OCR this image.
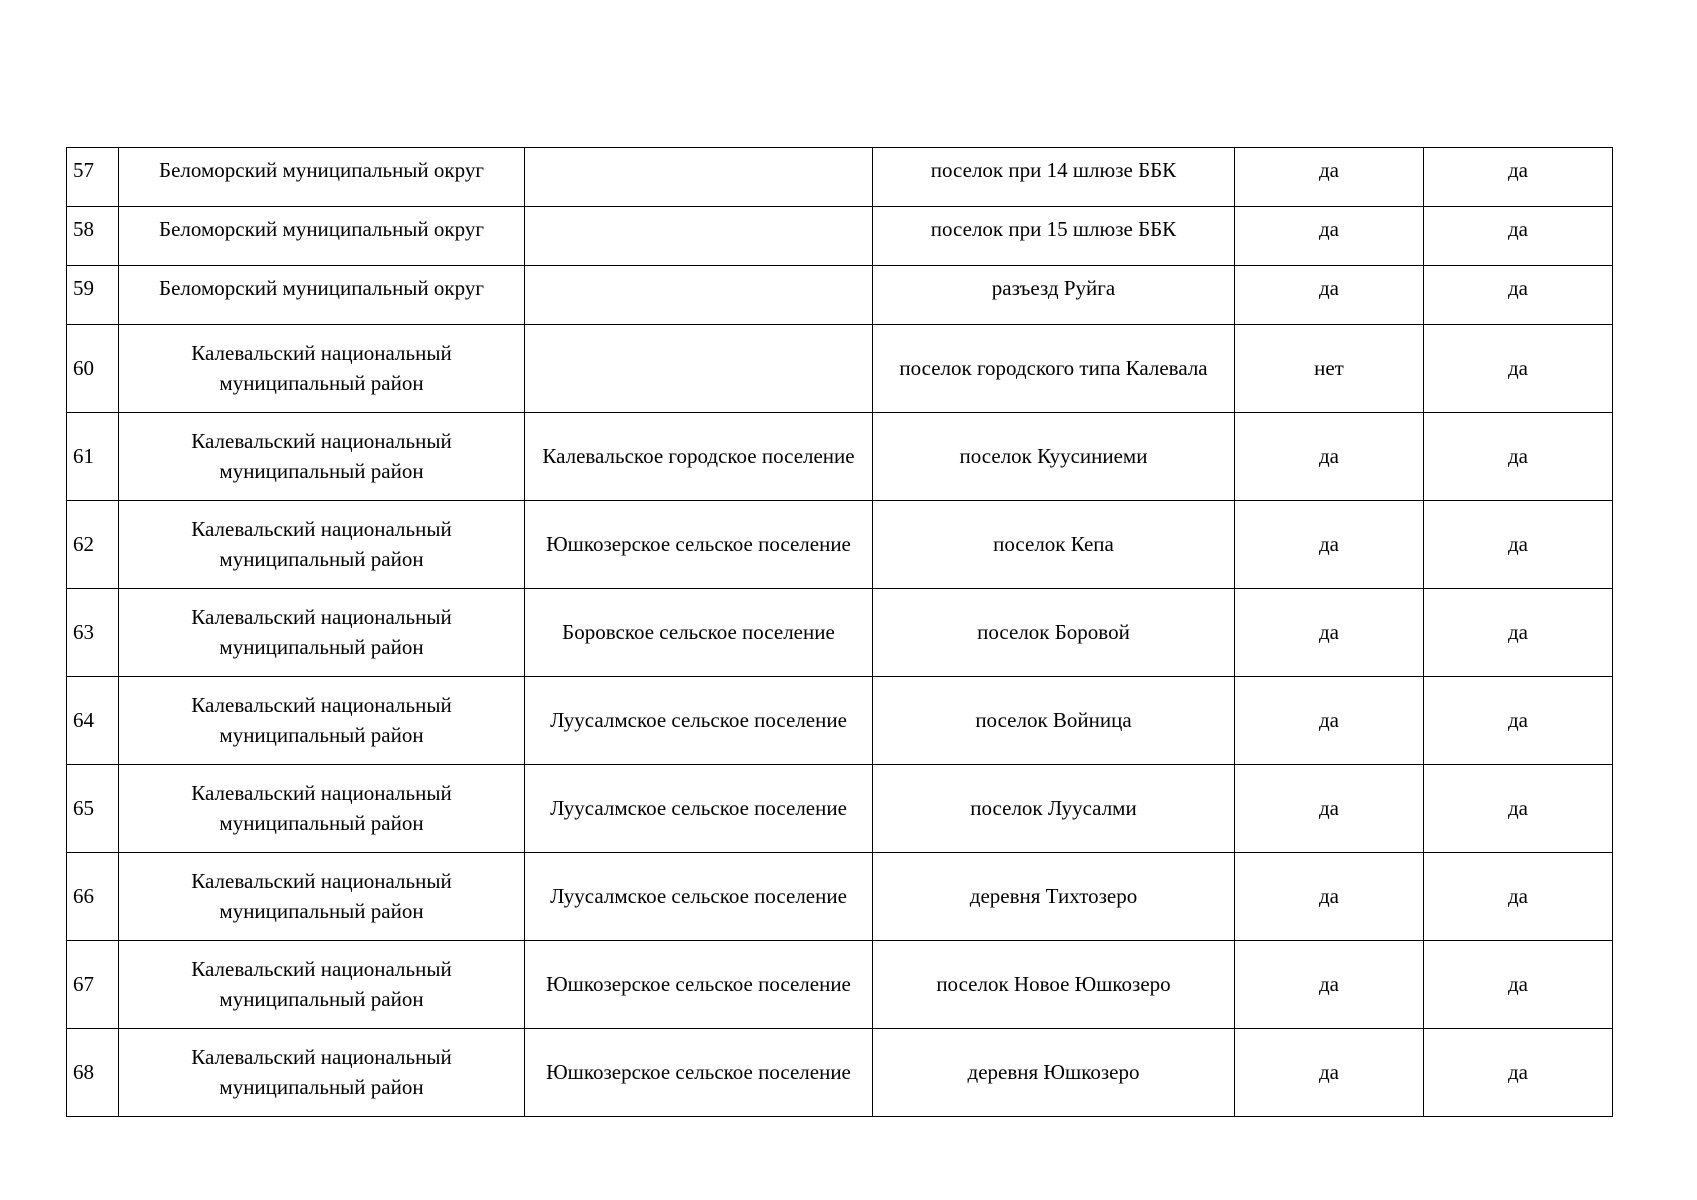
57	Беломорский муниципальный округ		поселок при 14 шлюзе ББК	да	да
58	Беломорский муниципальный округ		поселок при 15 шлюзе ББК	да	да
59	Беломорский муниципальный округ		разъезд Руйга	да	да
60	Калевальский национальный муниципальный район		поселок городского типа Калевала	нет	да
61	Калевальский национальный муниципальный район	Калевальское городское поселение	поселок Куусиниеми	да	да
62	Калевальский национальный муниципальный район	Юшкозерское сельское поселение	поселок Кепа	да	да
63	Калевальский национальный муниципальный район	Боровское сельское поселение	поселок Боровой	да	да
64	Калевальский национальный муниципальный район	Луусалмское сельское поселение	поселок Войница	да	да
65	Калевальский национальный муниципальный район	Луусалмское сельское поселение	поселок Луусалми	да	да
66	Калевальский национальный муниципальный район	Луусалмское сельское поселение	деревня Тихтозеро	да	да
67	Калевальский национальный муниципальный район	Юшкозерское сельское поселение	поселок Новое Юшкозеро	да	да
68	Калевальский национальный муниципальный район	Юшкозерское сельское поселение	деревня Юшкозеро	да	да
